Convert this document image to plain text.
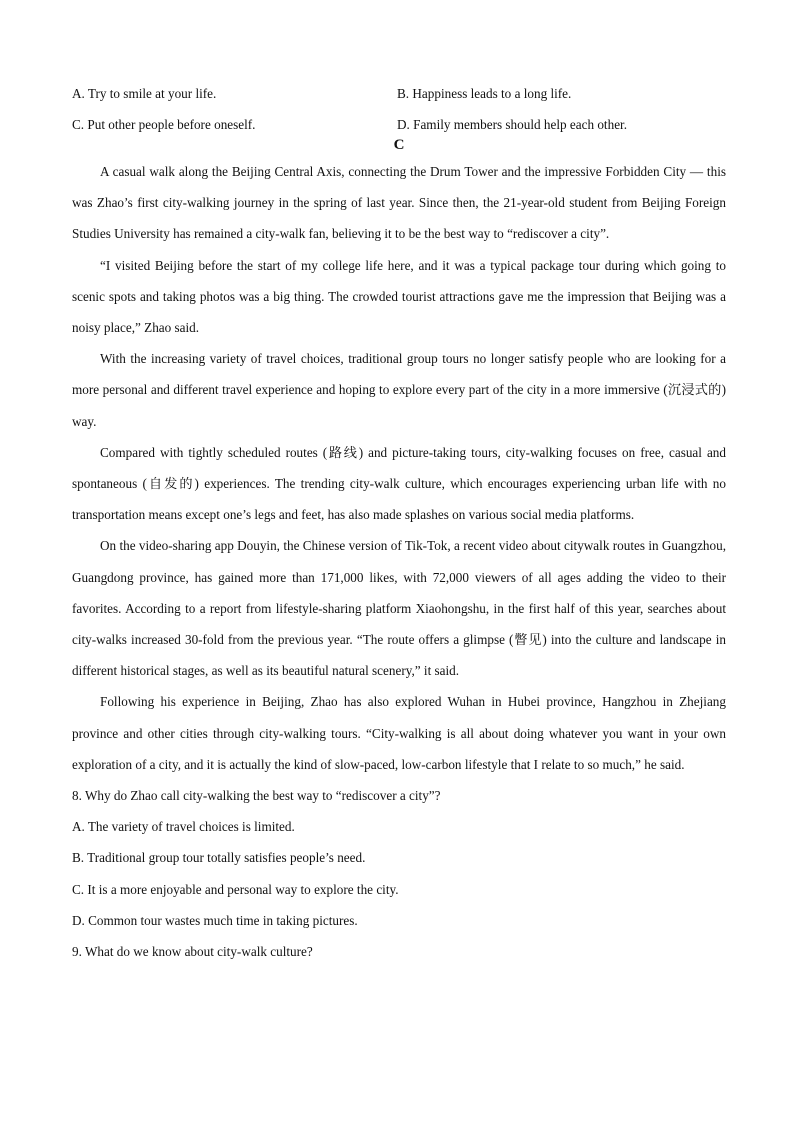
A. Try to smile at your life.	B. Happiness leads to a long life.
C. Put other people before oneself.	D. Family members should help each other.
C

A casual walk along the Beijing Central Axis, connecting the Drum Tower and the impressive Forbidden City — this was Zhao’s first city-walking journey in the spring of last year. Since then, the 21-year-old student from Beijing Foreign Studies University has remained a city-walk fan, believing it to be the best way to “rediscover a city”.

“I visited Beijing before the start of my college life here, and it was a typical package tour during which going to scenic spots and taking photos was a big thing. The crowded tourist attractions gave me the impression that Beijing was a noisy place,” Zhao said.

With the increasing variety of travel choices, traditional group tours no longer satisfy people who are looking for a more personal and different travel experience and hoping to explore every part of the city in a more immersive (沉浸式的) way.

Compared with tightly scheduled routes (路线) and picture-taking tours, city-walking focuses on free, casual and spontaneous (自发的) experiences. The trending city-walk culture, which encourages experiencing urban life with no transportation means except one’s legs and feet, has also made splashes on various social media platforms.

On the video-sharing app Douyin, the Chinese version of Tik-Tok, a recent video about citywalk routes in Guangzhou, Guangdong province, has gained more than 171,000 likes, with 72,000 viewers of all ages adding the video to their favorites. According to a report from lifestyle-sharing platform Xiaohongshu, in the first half of this year, searches about city-walks increased 30-fold from the previous year. “The route offers a glimpse (瞥见) into the culture and landscape in different historical stages, as well as its beautiful natural scenery,” it said.

Following his experience in Beijing, Zhao has also explored Wuhan in Hubei province, Hangzhou in Zhejiang province and other cities through city-walking tours. “City-walking is all about doing whatever you want in your own exploration of a city, and it is actually the kind of slow-paced, low-carbon lifestyle that I relate to so much,” he said.

8. Why do Zhao call city-walking the best way to “rediscover a city”?
A. The variety of travel choices is limited.
B. Traditional group tour totally satisfies people’s need.
C. It is a more enjoyable and personal way to explore the city.
D. Common tour wastes much time in taking pictures.
9. What do we know about city-walk culture?
